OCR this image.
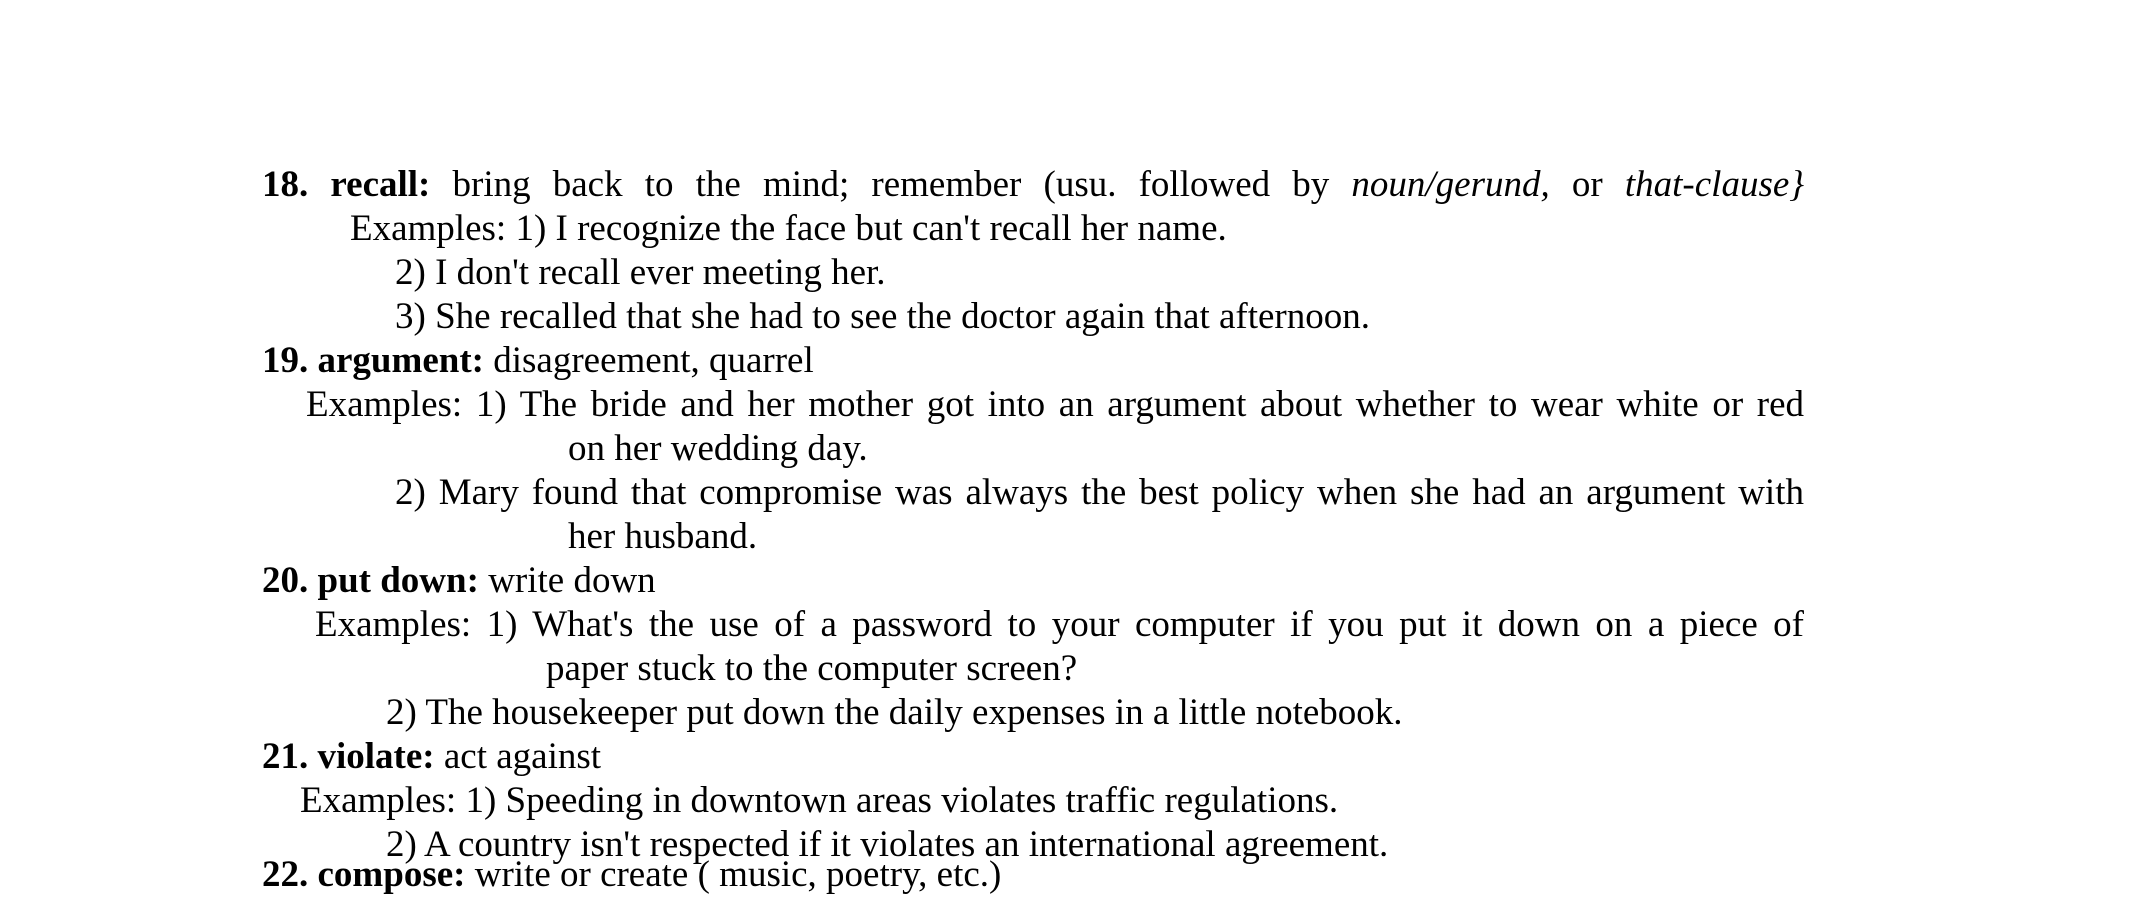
18. recall: bring back to the mind; remember (usu. followed by noun/gerund, or that-clause}
Examples: 1) I recognize the face but can't recall her name.
2) I don't recall ever meeting her.
3) She recalled that she had to see the doctor again that afternoon.
19. argument: disagreement, quarrel
Examples: 1) The bride and her mother got into an argument about whether to wear white or red
on her wedding day.
2) Mary found that compromise was always the best policy when she had an argument with
her husband.
20. put down: write down
Examples: 1) What's the use of a password to your computer if you put it down on a piece of
paper stuck to the computer screen?
2) The housekeeper put down the daily expenses in a little notebook.
21. violate: act against
Examples: 1) Speeding in downtown areas violates traffic regulations.
2) A country isn't respected if it violates an international agreement.
22. compose: write or create ( music, poetry, etc.)
